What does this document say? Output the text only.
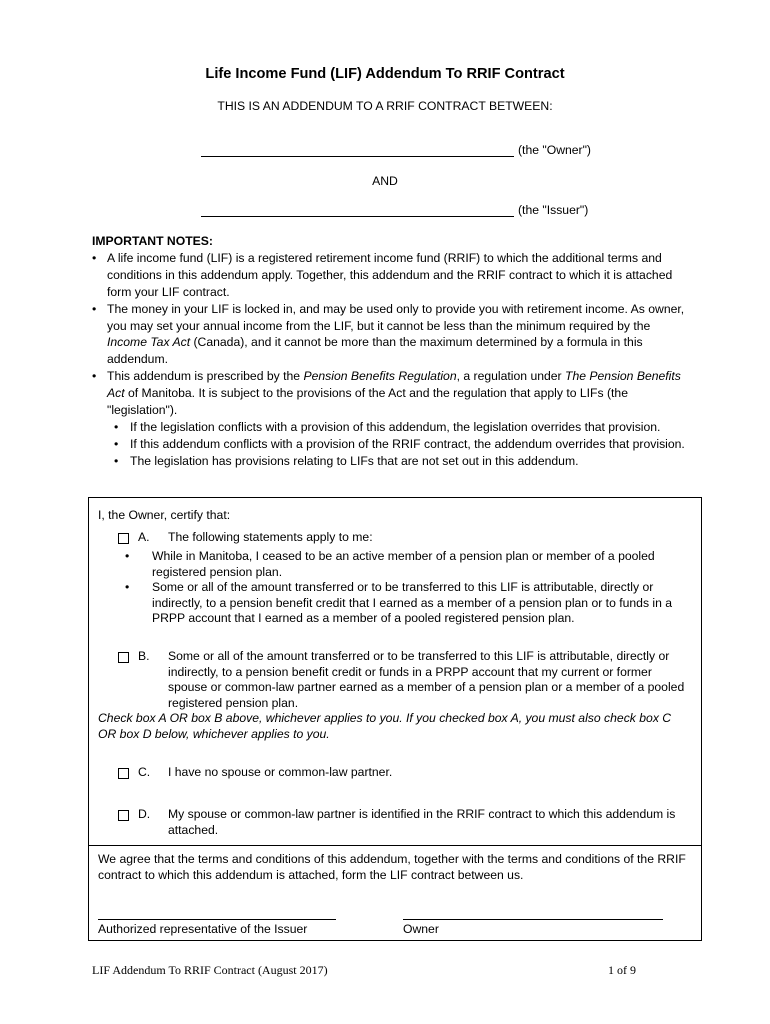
Life Income Fund (LIF) Addendum To RRIF Contract
THIS IS AN ADDENDUM TO A RRIF CONTRACT BETWEEN:
(the "Owner")
AND
(the "Issuer")
IMPORTANT NOTES:
• A life income fund (LIF) is a registered retirement income fund (RRIF) to which the additional terms and conditions in this addendum apply. Together, this addendum and the RRIF contract to which it is attached form your LIF contract.
• The money in your LIF is locked in, and may be used only to provide you with retirement income. As owner, you may set your annual income from the LIF, but it cannot be less than the minimum required by the Income Tax Act (Canada), and it cannot be more than the maximum determined by a formula in this addendum.
• This addendum is prescribed by the Pension Benefits Regulation, a regulation under The Pension Benefits Act of Manitoba. It is subject to the provisions of the Act and the regulation that apply to LIFs (the "legislation").
• If the legislation conflicts with a provision of this addendum, the legislation overrides that provision.
• If this addendum conflicts with a provision of the RRIF contract, the addendum overrides that provision.
• The legislation has provisions relating to LIFs that are not set out in this addendum.
I, the Owner, certify that:
A. The following statements apply to me:
• While in Manitoba, I ceased to be an active member of a pension plan or member of a pooled registered pension plan.
• Some or all of the amount transferred or to be transferred to this LIF is attributable, directly or indirectly, to a pension benefit credit that I earned as a member of a pension plan or to funds in a PRPP account that I earned as a member of a pooled registered pension plan.
B. Some or all of the amount transferred or to be transferred to this LIF is attributable, directly or indirectly, to a pension benefit credit or funds in a PRPP account that my current or former spouse or common-law partner earned as a member of a pension plan or a member of a pooled registered pension plan.
Check box A OR box B above, whichever applies to you. If you checked box A, you must also check box C OR box D below, whichever applies to you.
C. I have no spouse or common-law partner.
D. My spouse or common-law partner is identified in the RRIF contract to which this addendum is attached.
We agree that the terms and conditions of this addendum, together with the terms and conditions of the RRIF contract to which this addendum is attached, form the LIF contract between us.
Authorized representative of the Issuer	Owner
LIF Addendum To RRIF Contract (August 2017)	1 of 9
